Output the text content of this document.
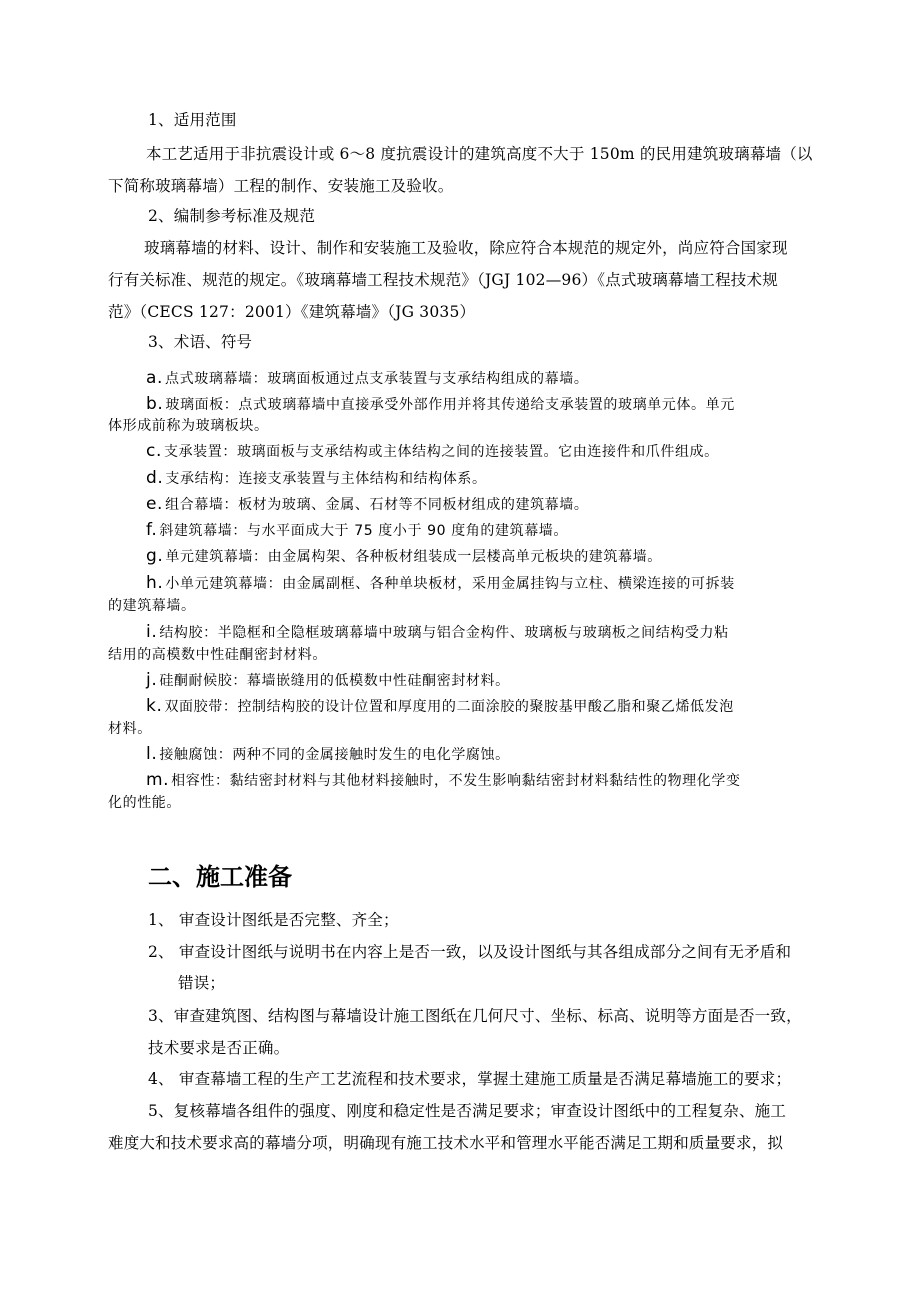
1、适用范围
本工艺适用于非抗震设计或 6～8 度抗震设计的建筑高度不大于 150m 的民用建筑玻璃幕墙（以
下简称玻璃幕墙）工程的制作、安装施工及验收。
2、编制参考标准及规范
玻璃幕墙的材料、设计、制作和安装施工及验收，除应符合本规范的规定外，尚应符合国家现
行有关标准、规范的规定。《玻璃幕墙工程技术规范》（JGJ 102—96）《点式玻璃幕墙工程技术规
范》（CECS 127：2001）《建筑幕墙》（JG 3035）
3、术语、符号
a. 点式玻璃幕墙：玻璃面板通过点支承装置与支承结构组成的幕墙。
b. 玻璃面板：点式玻璃幕墙中直接承受外部作用并将其传递给支承装置的玻璃单元体。单元
体形成前称为玻璃板块。
c. 支承装置：玻璃面板与支承结构或主体结构之间的连接装置。它由连接件和爪件组成。
d. 支承结构：连接支承装置与主体结构和结构体系。
e. 组合幕墙：板材为玻璃、金属、石材等不同板材组成的建筑幕墙。
f. 斜建筑幕墙：与水平面成大于 75 度小于 90 度角的建筑幕墙。
g. 单元建筑幕墙：由金属构架、各种板材组装成一层楼高单元板块的建筑幕墙。
h. 小单元建筑幕墙：由金属副框、各种单块板材，采用金属挂钩与立柱、横梁连接的可拆装
的建筑幕墙。
i. 结构胶：半隐框和全隐框玻璃幕墙中玻璃与铝合金构件、玻璃板与玻璃板之间结构受力粘
结用的高模数中性硅酮密封材料。
j. 硅酮耐候胶：幕墙嵌缝用的低模数中性硅酮密封材料。
k. 双面胶带：控制结构胶的设计位置和厚度用的二面涂胶的聚胺基甲酸乙脂和聚乙烯低发泡
材料。
l. 接触腐蚀：两种不同的金属接触时发生的电化学腐蚀。
m. 相容性：黏结密封材料与其他材料接触时，不发生影响黏结密封材料黏结性的物理化学变
化的性能。
二、施工准备
1、 审查设计图纸是否完整、齐全；
2、 审查设计图纸与说明书在内容上是否一致，以及设计图纸与其各组成部分之间有无矛盾和
错误；
3、审查建筑图、结构图与幕墙设计施工图纸在几何尺寸、坐标、标高、说明等方面是否一致，
技术要求是否正确。
4、 审查幕墙工程的生产工艺流程和技术要求，掌握土建施工质量是否满足幕墙施工的要求；
5、复核幕墙各组件的强度、刚度和稳定性是否满足要求；审查设计图纸中的工程复杂、施工
难度大和技术要求高的幕墙分项，明确现有施工技术水平和管理水平能否满足工期和质量要求，拟
